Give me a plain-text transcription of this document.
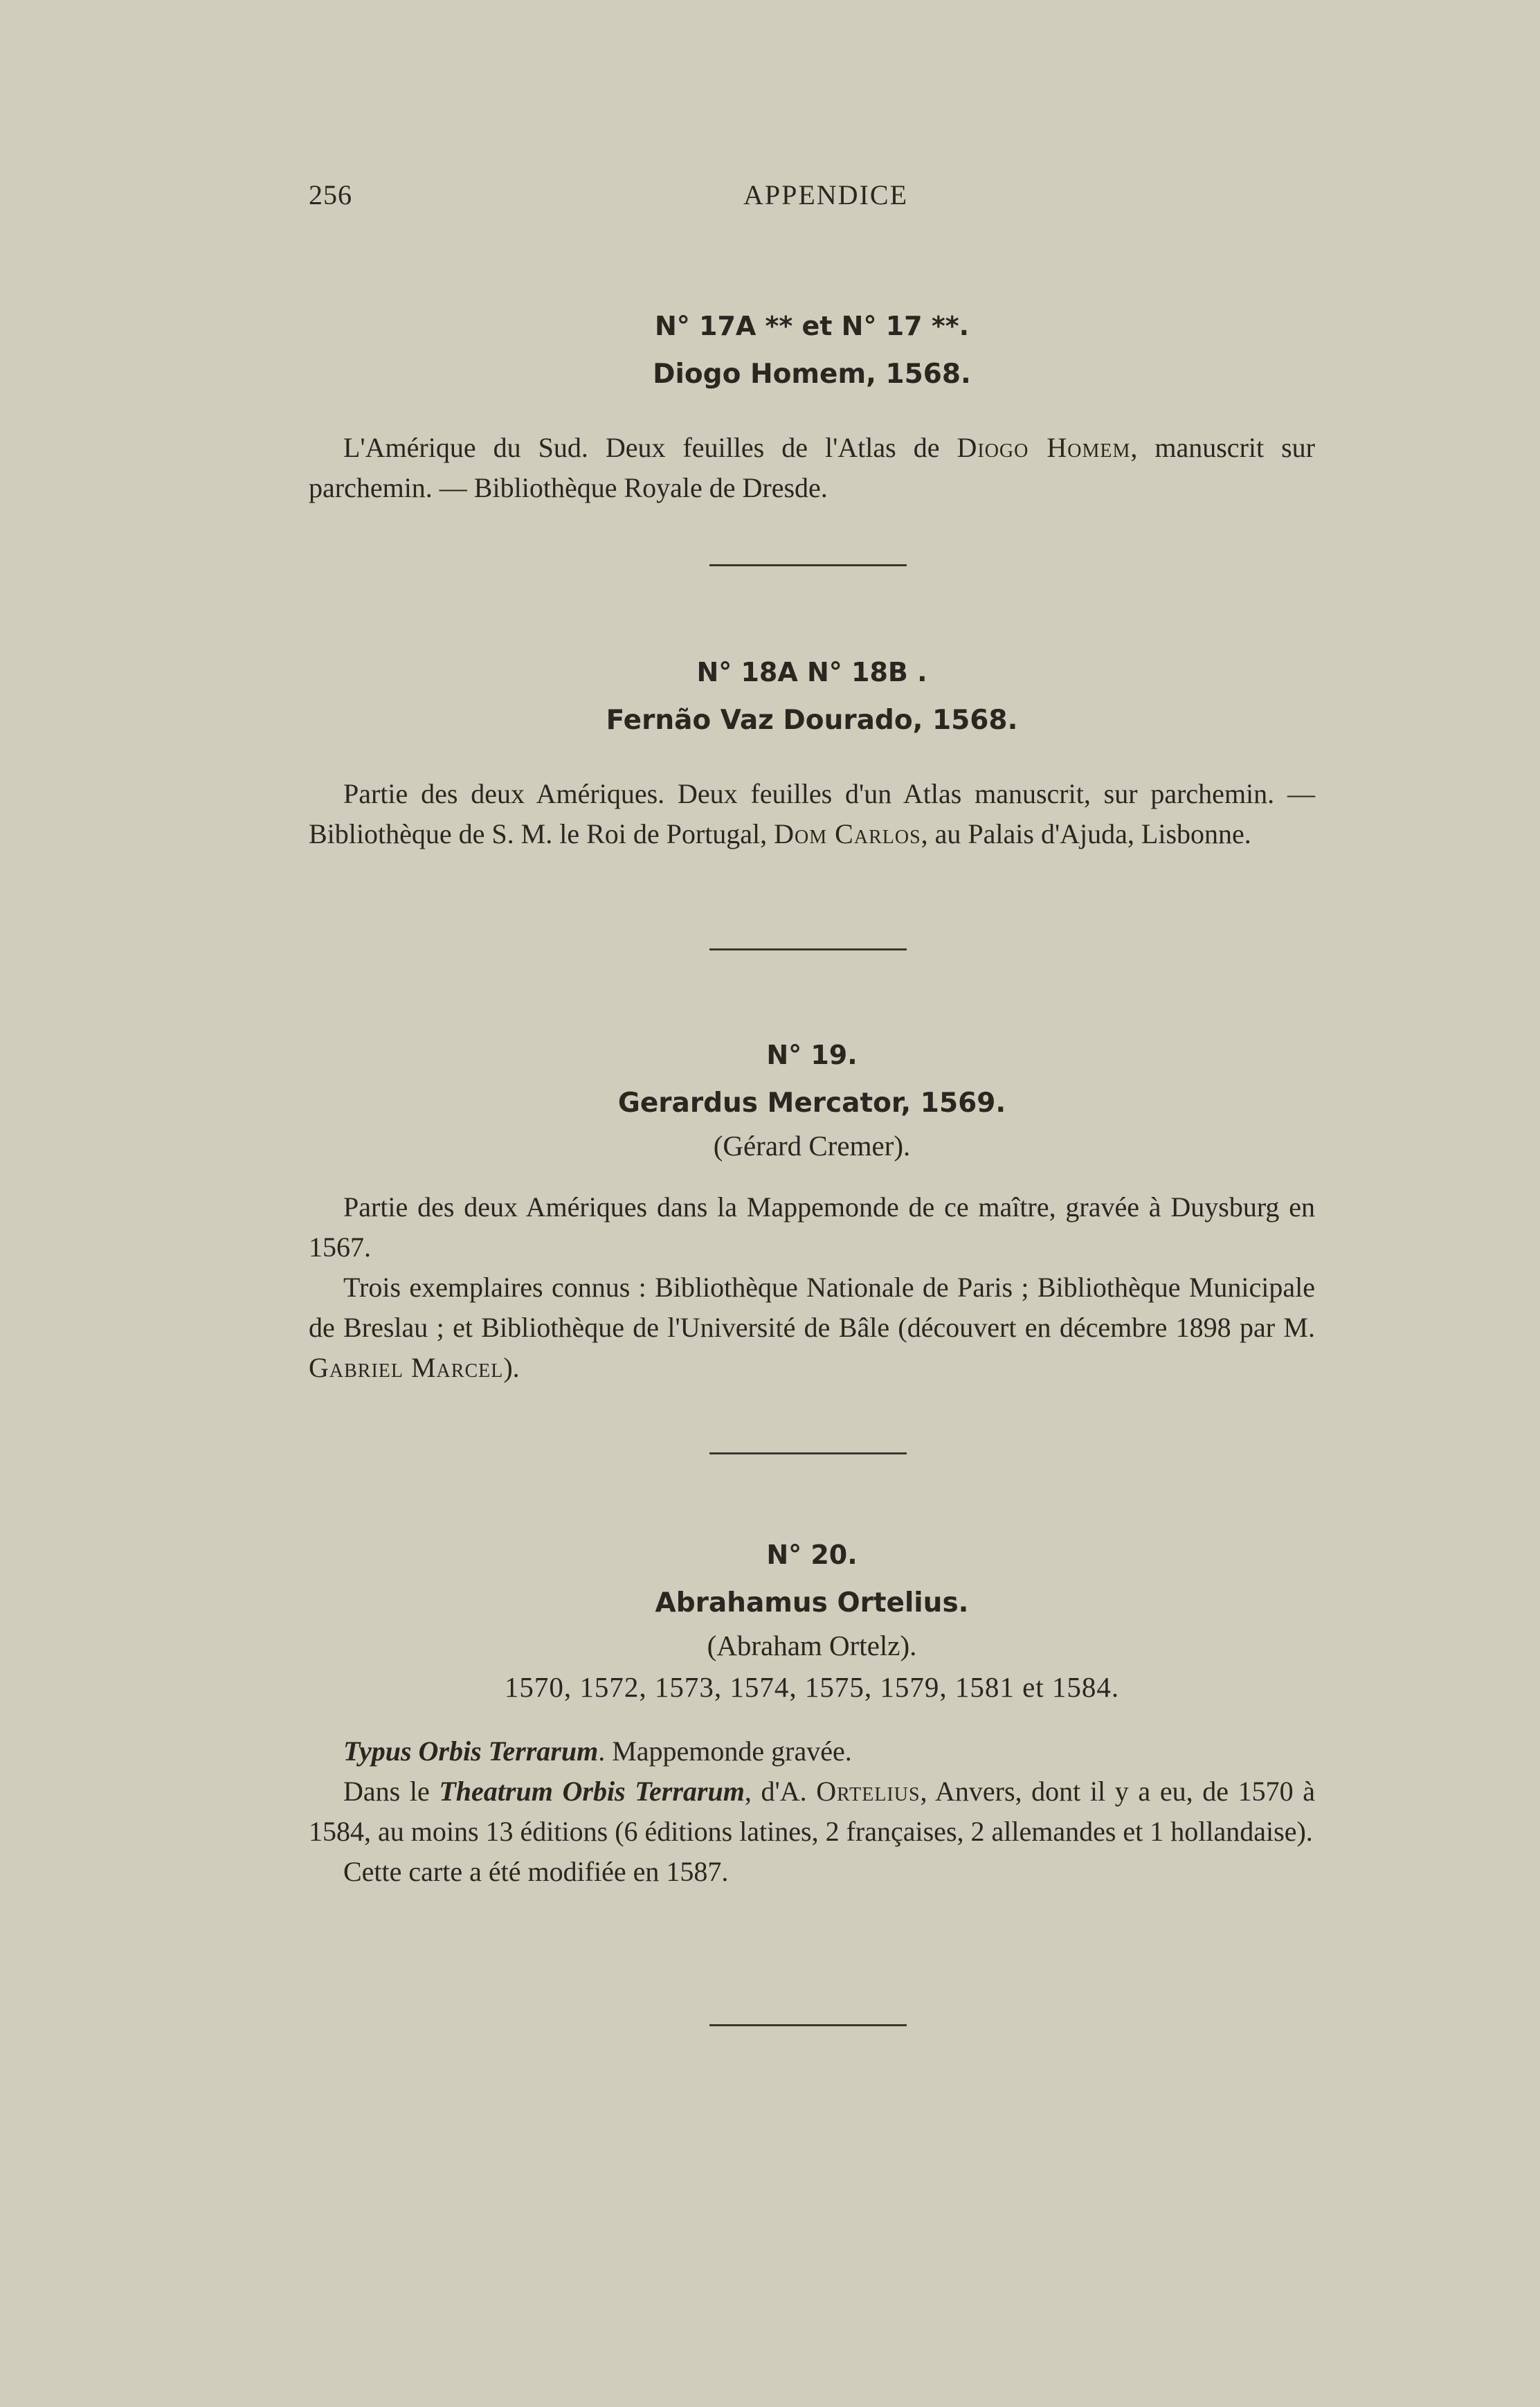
256	APPENDICE
N° 17A ** et N° 17 **.
Diogo Homem, 1568.

L'Amérique du Sud. Deux feuilles de l'Atlas de Diogo Homem, manuscrit sur parchemin. — Bibliothèque Royale de Dresde.

N° 18A N° 18B .
Fernão Vaz Dourado, 1568.

Partie des deux Amériques. Deux feuilles d'un Atlas manuscrit, sur parchemin. — Bibliothèque de S. M. le Roi de Portugal, Dom Carlos, au Palais d'Ajuda, Lisbonne.

N° 19.
Gerardus Mercator, 1569.
(Gérard Cremer).

Partie des deux Amériques dans la Mappemonde de ce maître, gravée à Duysburg en 1567.

Trois exemplaires connus : Bibliothèque Nationale de Paris ; Bibliothèque Municipale de Breslau ; et Bibliothèque de l'Université de Bâle (découvert en décembre 1898 par M. Gabriel Marcel).

N° 20.
Abrahamus Ortelius.
(Abraham Ortelz).
1570, 1572, 1573, 1574, 1575, 1579, 1581 et 1584.

Typus Orbis Terrarum. Mappemonde gravée.

Dans le Theatrum Orbis Terrarum, d'A. Ortelius, Anvers, dont il y a eu, de 1570 à 1584, au moins 13 éditions (6 éditions latines, 2 françaises, 2 allemandes et 1 hollandaise).

Cette carte a été modifiée en 1587.
